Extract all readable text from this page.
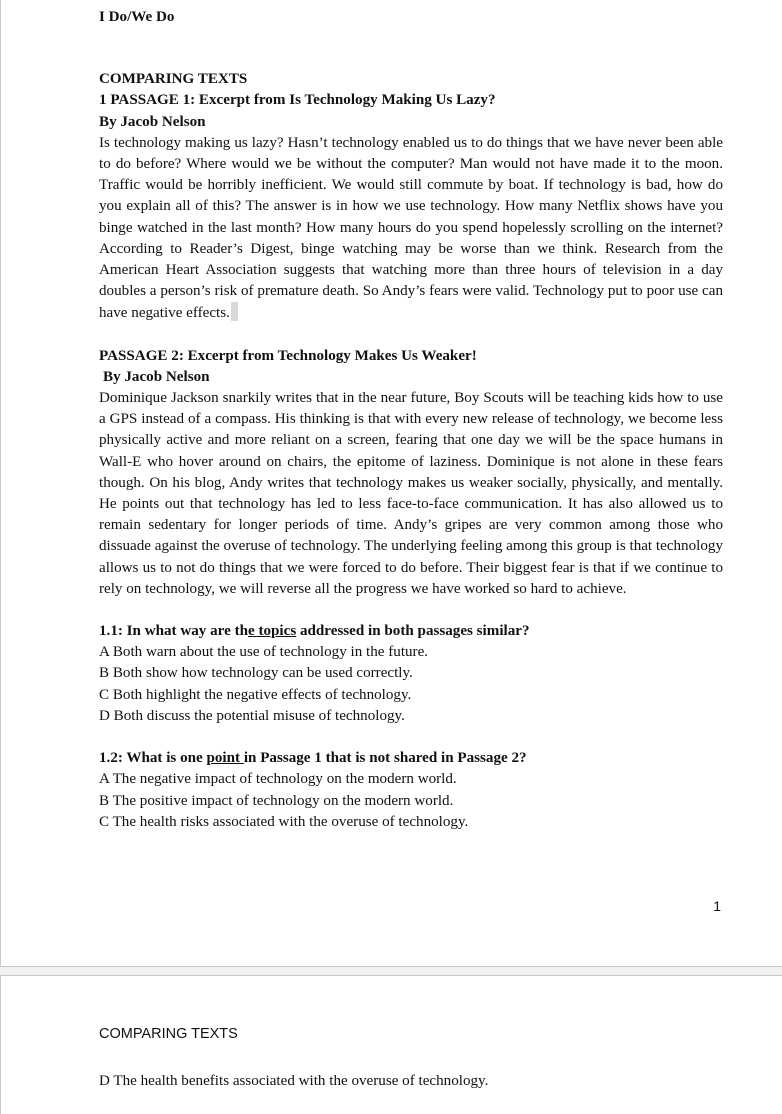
I Do/We Do

COMPARING TEXTS

1 PASSAGE 1: Excerpt from Is Technology Making Us Lazy?

By Jacob Nelson

Is technology making us lazy? Hasn’t technology enabled us to do things that we have never been able to do before? Where would we be without the computer? Man would not have made it to the moon. Traffic would be horribly inefficient. We would still commute by boat. If technology is bad, how do you explain all of this? The answer is in how we use technology. How many Netflix shows have you binge watched in the last month? How many hours do you spend hopelessly scrolling on the internet? According to Reader’s Digest, binge watching may be worse than we think. Research from the American Heart Association suggests that watching more than three hours of television in a day doubles a person’s risk of premature death. So Andy’s fears were valid. Technology put to poor use can have negative effects.

PASSAGE 2: Excerpt from Technology Makes Us Weaker!

By Jacob Nelson

Dominique Jackson snarkily writes that in the near future, Boy Scouts will be teaching kids how to use a GPS instead of a compass. His thinking is that with every new release of technology, we become less physically active and more reliant on a screen, fearing that one day we will be the space humans in Wall-E who hover around on chairs, the epitome of laziness. Dominique is not alone in these fears though. On his blog, Andy writes that technology makes us weaker socially, physically, and mentally. He points out that technology has led to less face-to-face communication. It has also allowed us to remain sedentary for longer periods of time. Andy’s gripes are very common among those who dissuade against the overuse of technology. The underlying feeling among this group is that technology allows us to not do things that we were forced to do before. Their biggest fear is that if we continue to rely on technology, we will reverse all the progress we have worked so hard to achieve.

1.1: In what way are the topics addressed in both passages similar?

A Both warn about the use of technology in the future.

B Both show how technology can be used correctly.

C Both highlight the negative effects of technology.

D Both discuss the potential misuse of technology.

1.2: What is one point in Passage 1 that is not shared in Passage 2?

A The negative impact of technology on the modern world.

B The positive impact of technology on the modern world.

C The health risks associated with the overuse of technology.

1
COMPARING TEXTS
D The health benefits associated with the overuse of technology.
